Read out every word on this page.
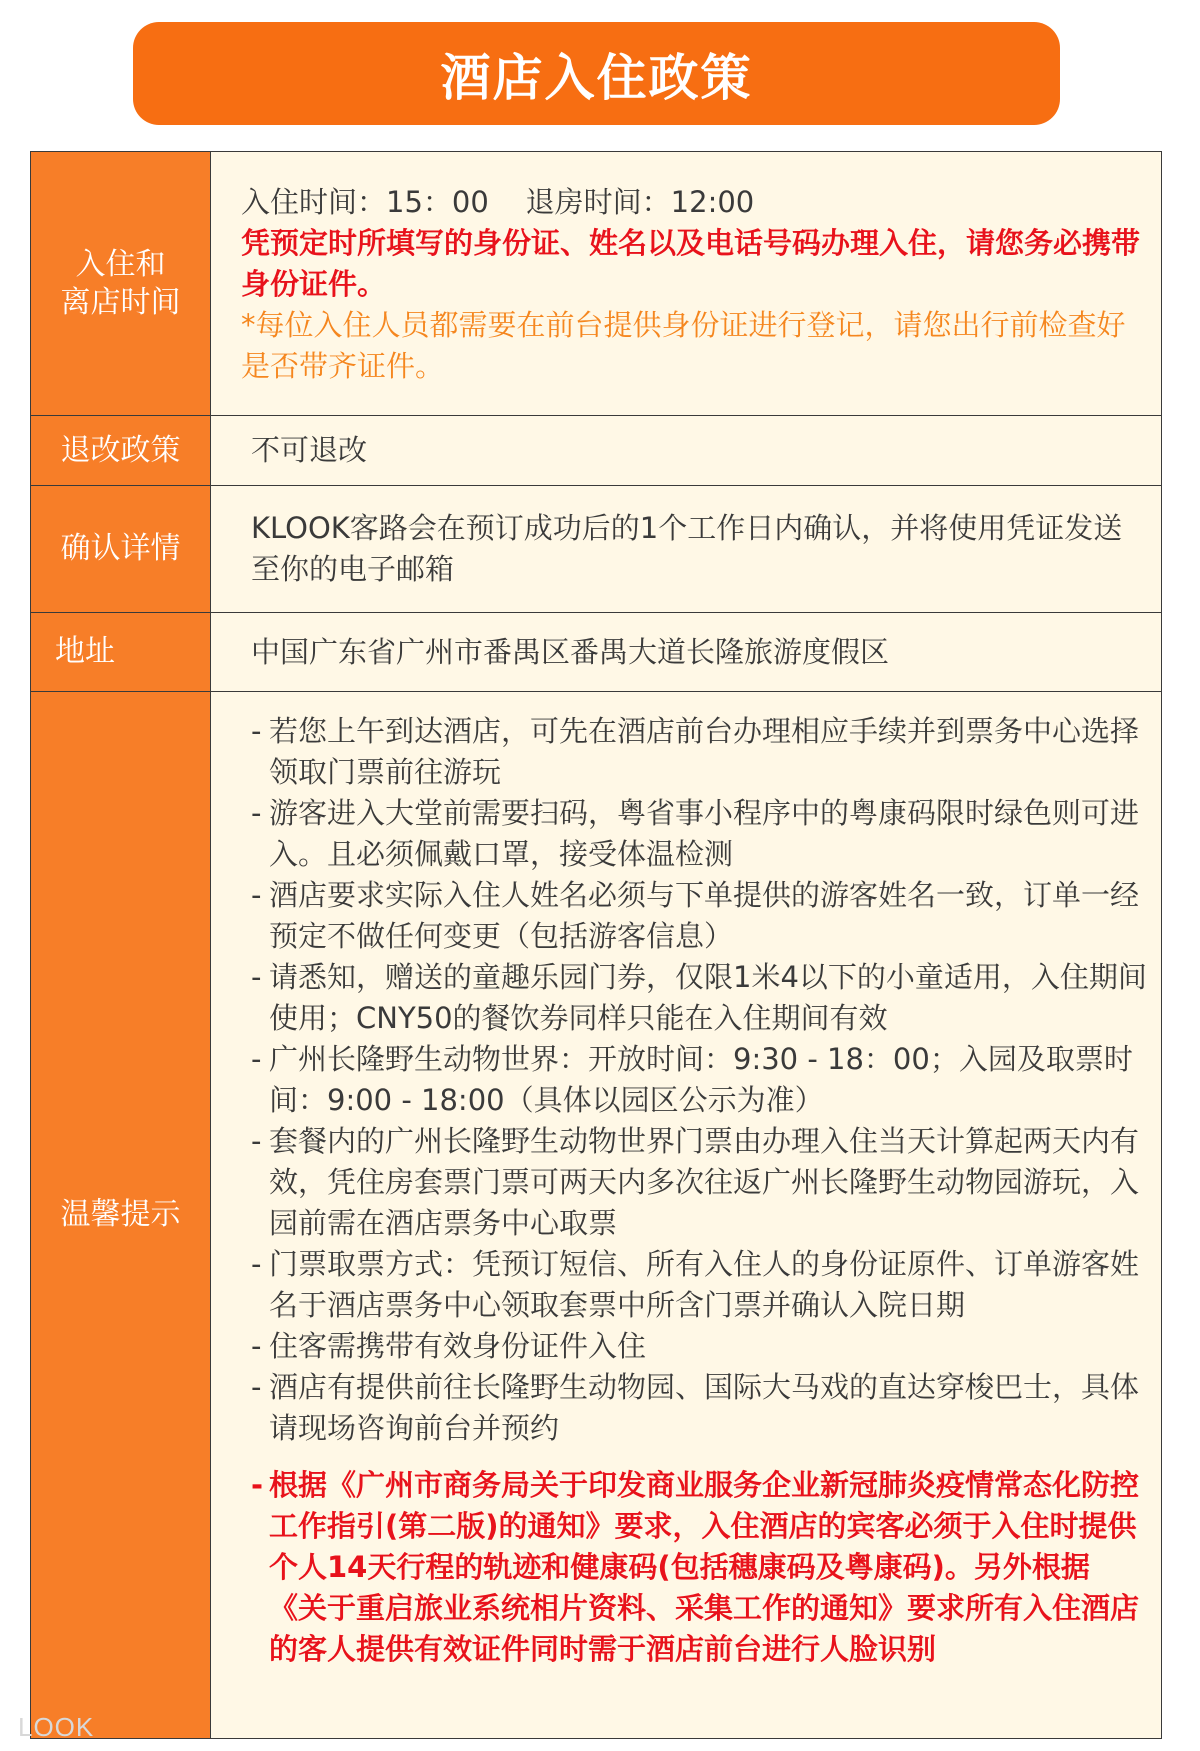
酒店入住政策
入住和
离店时间
入住时间：15：00    退房时间：12:00
凭预定时所填写的身份证、姓名以及电话号码办理入住，请您务必携带身份证件。
*每位入住人员都需要在前台提供身份证进行登记，请您出行前检查好是否带齐证件。
退改政策	不可退改
确认详情
KLOOK客路会在预订成功后的1个工作日内确认，并将使用凭证发送至你的电子邮箱
地址	中国广东省广州市番禺区番禺大道长隆旅游度假区
温馨提示
- 若您上午到达酒店，可先在酒店前台办理相应手续并到票务中心选择领取门票前往游玩
- 游客进入大堂前需要扫码，粤省事小程序中的粤康码限时绿色则可进入。且必须佩戴口罩，接受体温检测
- 酒店要求实际入住人姓名必须与下单提供的游客姓名一致，订单一经预定不做任何变更（包括游客信息）
- 请悉知，赠送的童趣乐园门券，仅限1米4以下的小童适用，入住期间使用；CNY50的餐饮券同样只能在入住期间有效
- 广州长隆野生动物世界：开放时间：9:30 - 18：00；入园及取票时间：9:00 - 18:00（具体以园区公示为准）
- 套餐内的广州长隆野生动物世界门票由办理入住当天计算起两天内有效，凭住房套票门票可两天内多次往返广州长隆野生动物园游玩，入园前需在酒店票务中心取票
- 门票取票方式：凭预订短信、所有入住人的身份证原件、订单游客姓名于酒店票务中心领取套票中所含门票并确认入院日期
- 住客需携带有效身份证件入住
- 酒店有提供前往长隆野生动物园、国际大马戏的直达穿梭巴士，具体请现场咨询前台并预约
- 根据《广州市商务局关于印发商业服务企业新冠肺炎疫情常态化防控工作指引(第二版)的通知》要求，入住酒店的宾客必须于入住时提供个人14天行程的轨迹和健康码(包括穗康码及粤康码)。另外根据《关于重启旅业系统相片资料、采集工作的通知》要求所有入住酒店的客人提供有效证件同时需于酒店前台进行人脸识别
LOOK
